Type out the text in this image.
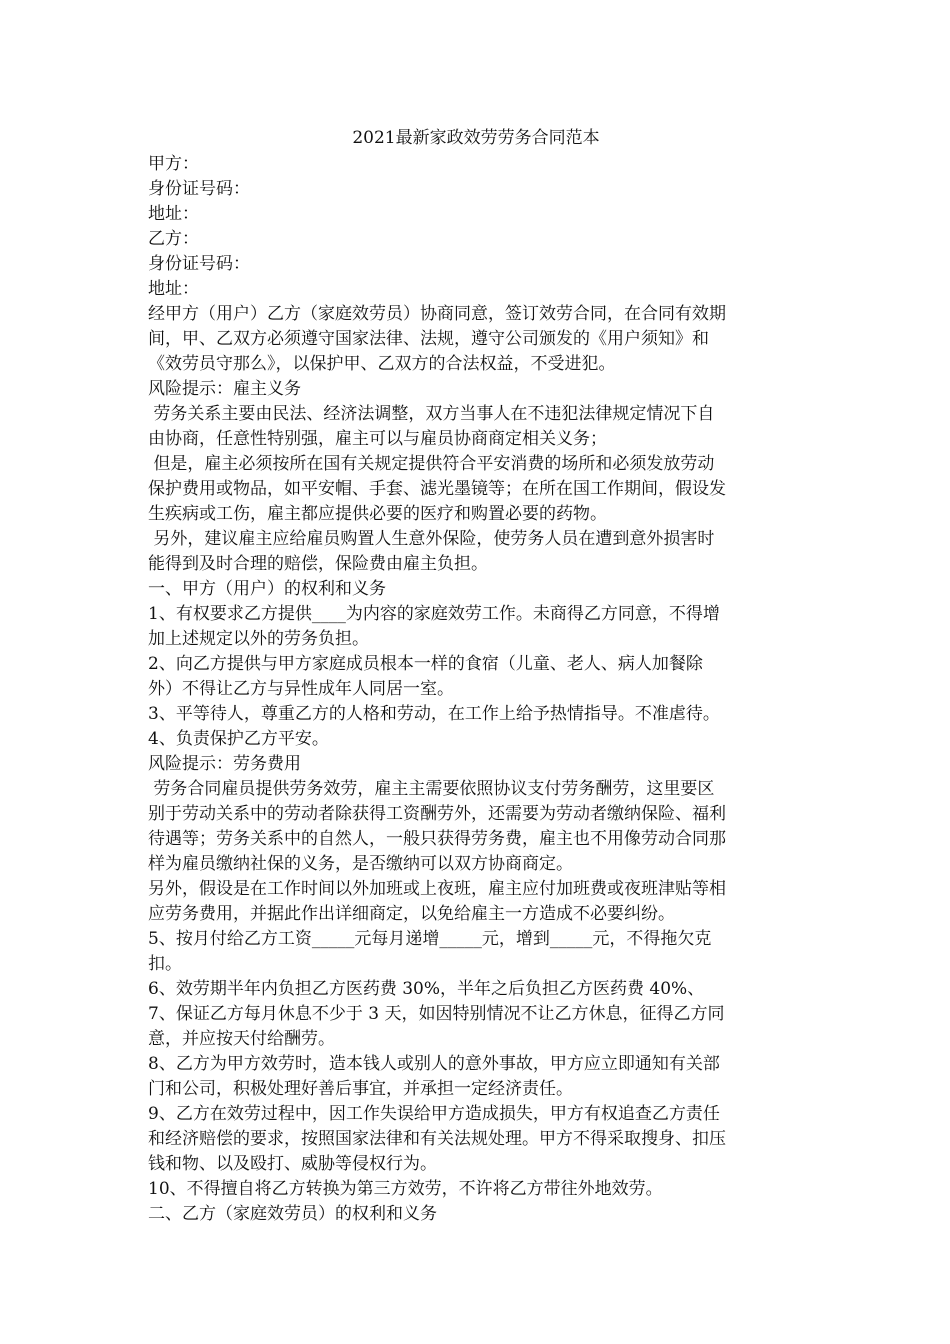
2021最新家政效劳劳务合同范本
甲方：
身份证号码：
地址：
乙方：
身份证号码：
地址：
经甲方（用户）乙方（家庭效劳员）协商同意，签订效劳合同，在合同有效期
间，甲、乙双方必须遵守国家法律、法规，遵守公司颁发的《用户须知》和
《效劳员守那么》，以保护甲、乙双方的合法权益，不受进犯。
风险提示：雇主义务
劳务关系主要由民法、经济法调整，双方当事人在不违犯法律规定情况下自
由协商，任意性特别强，雇主可以与雇员协商商定相关义务；
但是，雇主必须按所在国有关规定提供符合平安消费的场所和必须发放劳动
保护费用或物品，如平安帽、手套、滤光墨镜等；在所在国工作期间，假设发
生疾病或工伤，雇主都应提供必要的医疗和购置必要的药物。
另外，建议雇主应给雇员购置人生意外保险，使劳务人员在遭到意外损害时
能得到及时合理的赔偿，保险费由雇主负担。
一、甲方（用户）的权利和义务
1、有权要求乙方提供____为内容的家庭效劳工作。未商得乙方同意，不得增
加上述规定以外的劳务负担。
2、向乙方提供与甲方家庭成员根本一样的食宿（儿童、老人、病人加餐除
外）不得让乙方与异性成年人同居一室。
3、平等待人，尊重乙方的人格和劳动，在工作上给予热情指导。不准虐待。
4、负责保护乙方平安。
风险提示：劳务费用
劳务合同雇员提供劳务效劳，雇主主需要依照协议支付劳务酬劳，这里要区
别于劳动关系中的劳动者除获得工资酬劳外，还需要为劳动者缴纳保险、福利
待遇等；劳务关系中的自然人，一般只获得劳务费，雇主也不用像劳动合同那
样为雇员缴纳社保的义务，是否缴纳可以双方协商商定。
另外，假设是在工作时间以外加班或上夜班，雇主应付加班费或夜班津贴等相
应劳务费用，并据此作出详细商定，以免给雇主一方造成不必要纠纷。
5、按月付给乙方工资_____元每月递增_____元，增到_____元，不得拖欠克
扣。
6、效劳期半年内负担乙方医药费 30%，半年之后负担乙方医药费 40%、
7、保证乙方每月休息不少于 3 天，如因特别情况不让乙方休息，征得乙方同
意，并应按天付给酬劳。
8、乙方为甲方效劳时，造本钱人或别人的意外事故，甲方应立即通知有关部
门和公司，积极处理好善后事宜，并承担一定经济责任。
9、乙方在效劳过程中，因工作失误给甲方造成损失，甲方有权追查乙方责任
和经济赔偿的要求，按照国家法律和有关法规处理。甲方不得采取搜身、扣压
钱和物、以及殴打、威胁等侵权行为。
10、不得擅自将乙方转换为第三方效劳，不许将乙方带往外地效劳。
二、乙方（家庭效劳员）的权利和义务
